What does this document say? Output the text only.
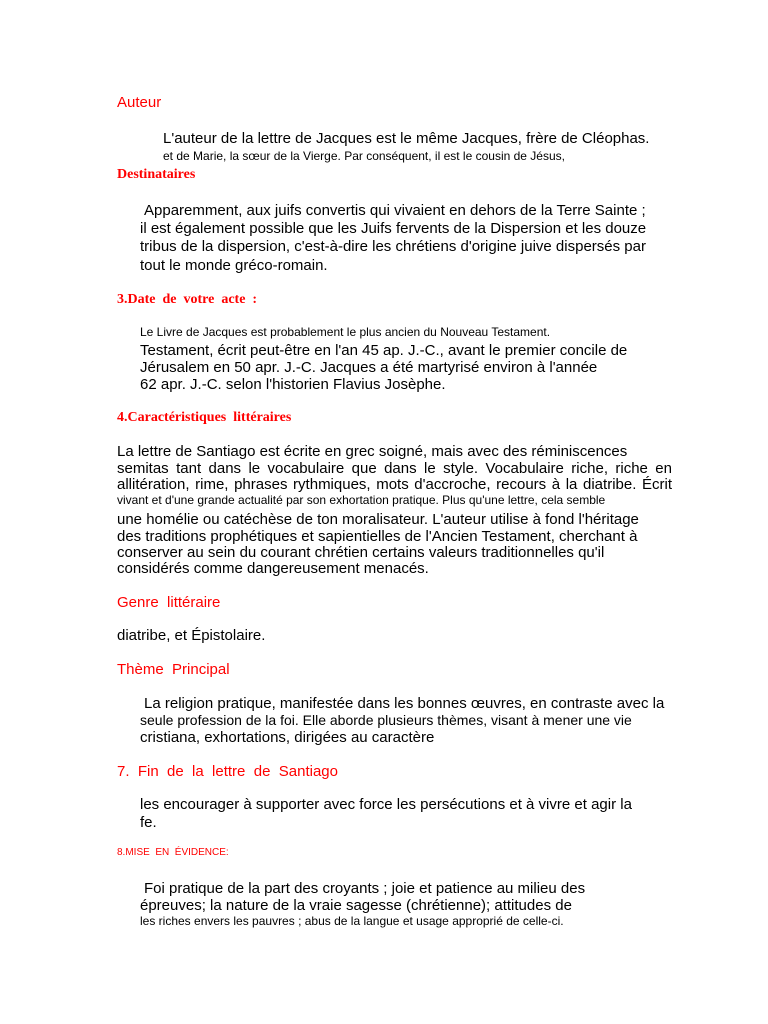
Auteur
L'auteur de la lettre de Jacques est le même Jacques, frère de Cléophas.
et de Marie, la sœur de la Vierge. Par conséquent, il est le cousin de Jésus,
Destinataires
Apparemment, aux juifs convertis qui vivaient en dehors de la Terre Sainte ;
il est également possible que les Juifs fervents de la Dispersion et les douze
tribus de la dispersion, c'est-à-dire les chrétiens d'origine juive dispersés par
tout le monde gréco-romain.
3.Date  de  votre  acte  :
Le Livre de Jacques est probablement le plus ancien du Nouveau Testament.
Testament, écrit peut-être en l'an 45 ap. J.-C., avant le premier concile de
Jérusalem en 50 apr. J.-C. Jacques a été martyrisé environ à l'année
62 apr. J.-C. selon l'historien Flavius Josèphe.
4.Caractéristiques  littéraires
La lettre de Santiago est écrite en grec soigné, mais avec des réminiscences
semitas tant dans le vocabulaire que dans le style. Vocabulaire riche, riche en
allitération, rime, phrases rythmiques, mots d'accroche, recours à la diatribe. Écrit
vivant et d'une grande actualité par son exhortation pratique. Plus qu'une lettre, cela semble
une homélie ou catéchèse de ton moralisateur. L'auteur utilise à fond l'héritage
des traditions prophétiques et sapientielles de l'Ancien Testament, cherchant à
conserver au sein du courant chrétien certains valeurs traditionnelles qu'il
considérés comme dangereusement menacés.
Genre  littéraire
diatribe, et Épistolaire.
Thème  Principal
La religion pratique, manifestée dans les bonnes œuvres, en contraste avec la
seule profession de la foi. Elle aborde plusieurs thèmes, visant à mener une vie
cristiana, exhortations, dirigées au caractère
7.  Fin  de  la  lettre  de  Santiago
les encourager à supporter avec force les persécutions et à vivre et agir la
fe.
8.MISE  EN  ÉVIDENCE:
Foi pratique de la part des croyants ; joie et patience au milieu des
épreuves; la nature de la vraie sagesse (chrétienne); attitudes de
les riches envers les pauvres ; abus de la langue et usage approprié de celle-ci.
